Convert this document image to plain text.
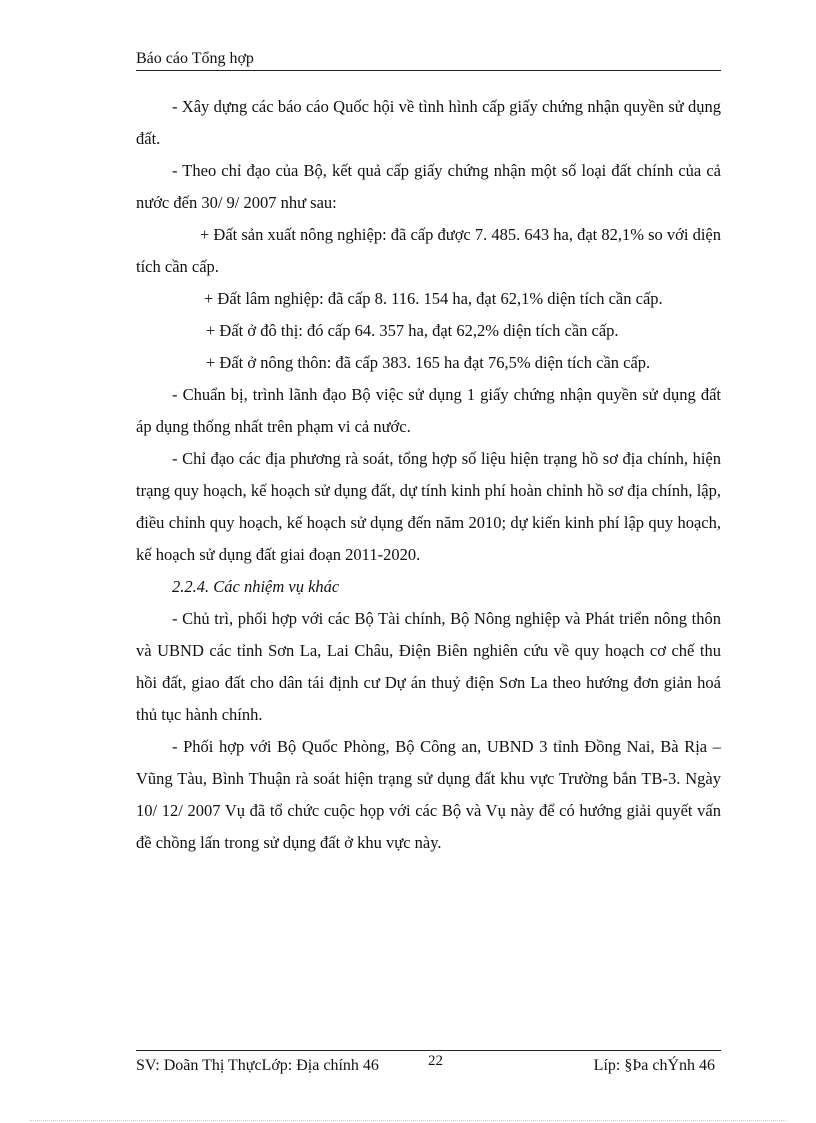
Báo cáo Tổng hợp

- Xây dựng các báo cáo Quốc hội về tình hình cấp giấy chứng nhận quyền sử dụng đất.

- Theo chỉ đạo của Bộ, kết quả cấp giấy chứng nhận một số loại đất chính của cả nước đến 30/ 9/ 2007 như sau:

+ Đất sản xuất nông nghiệp: đã cấp được 7. 485. 643 ha, đạt 82,1% so với diện tích cần cấp.

+ Đất lâm nghiệp: đã cấp 8. 116. 154 ha, đạt 62,1% diện tích cần cấp.

+ Đất ở đô thị: đó cấp 64. 357 ha, đạt 62,2% diện tích cần cấp.

+ Đất ở nông thôn: đã cấp 383. 165 ha đạt 76,5% diện tích cần cấp.

- Chuẩn bị, trình lãnh đạo Bộ việc sử dụng 1 giấy chứng nhận quyền sử dụng đất áp dụng thống nhất trên phạm vi cả nước.

- Chỉ đạo các địa phương rà soát, tổng hợp số liệu hiện trạng hồ sơ địa chính, hiện trạng quy hoạch, kế hoạch sử dụng đất, dự tính kinh phí hoàn chỉnh hồ sơ địa chính, lập, điều chỉnh quy hoạch, kế hoạch sử dụng đến năm 2010; dự kiến kinh phí lập quy hoạch, kế hoạch sử dụng đất giai đoạn 2011-2020.

2.2.4. Các nhiệm vụ khác

- Chủ trì, phối hợp với các Bộ Tài chính, Bộ Nông nghiệp và Phát triển nông thôn và UBND các tỉnh Sơn La, Lai Châu, Điện Biên nghiên cứu về quy hoạch cơ chế thu hồi đất, giao đất cho dân tái định cư Dự án thuỷ điện Sơn La theo hướng đơn giản hoá thủ tục hành chính.

- Phối hợp với Bộ Quốc Phòng, Bộ Công an, UBND 3 tỉnh Đồng Nai, Bà Rịa – Vũng Tàu, Bình Thuận rà soát hiện trạng sử dụng đất khu vực Trường bắn TB-3. Ngày 10/ 12/ 2007 Vụ đã tổ chức cuộc họp với các Bộ và Vụ này để có hướng giải quyết vấn đề chồng lấn trong sử dụng đất ở khu vực này.

SV: Doãn Thị ThựcLớp: Địa chính 46	22	Líp: §Þa chÝnh 46
